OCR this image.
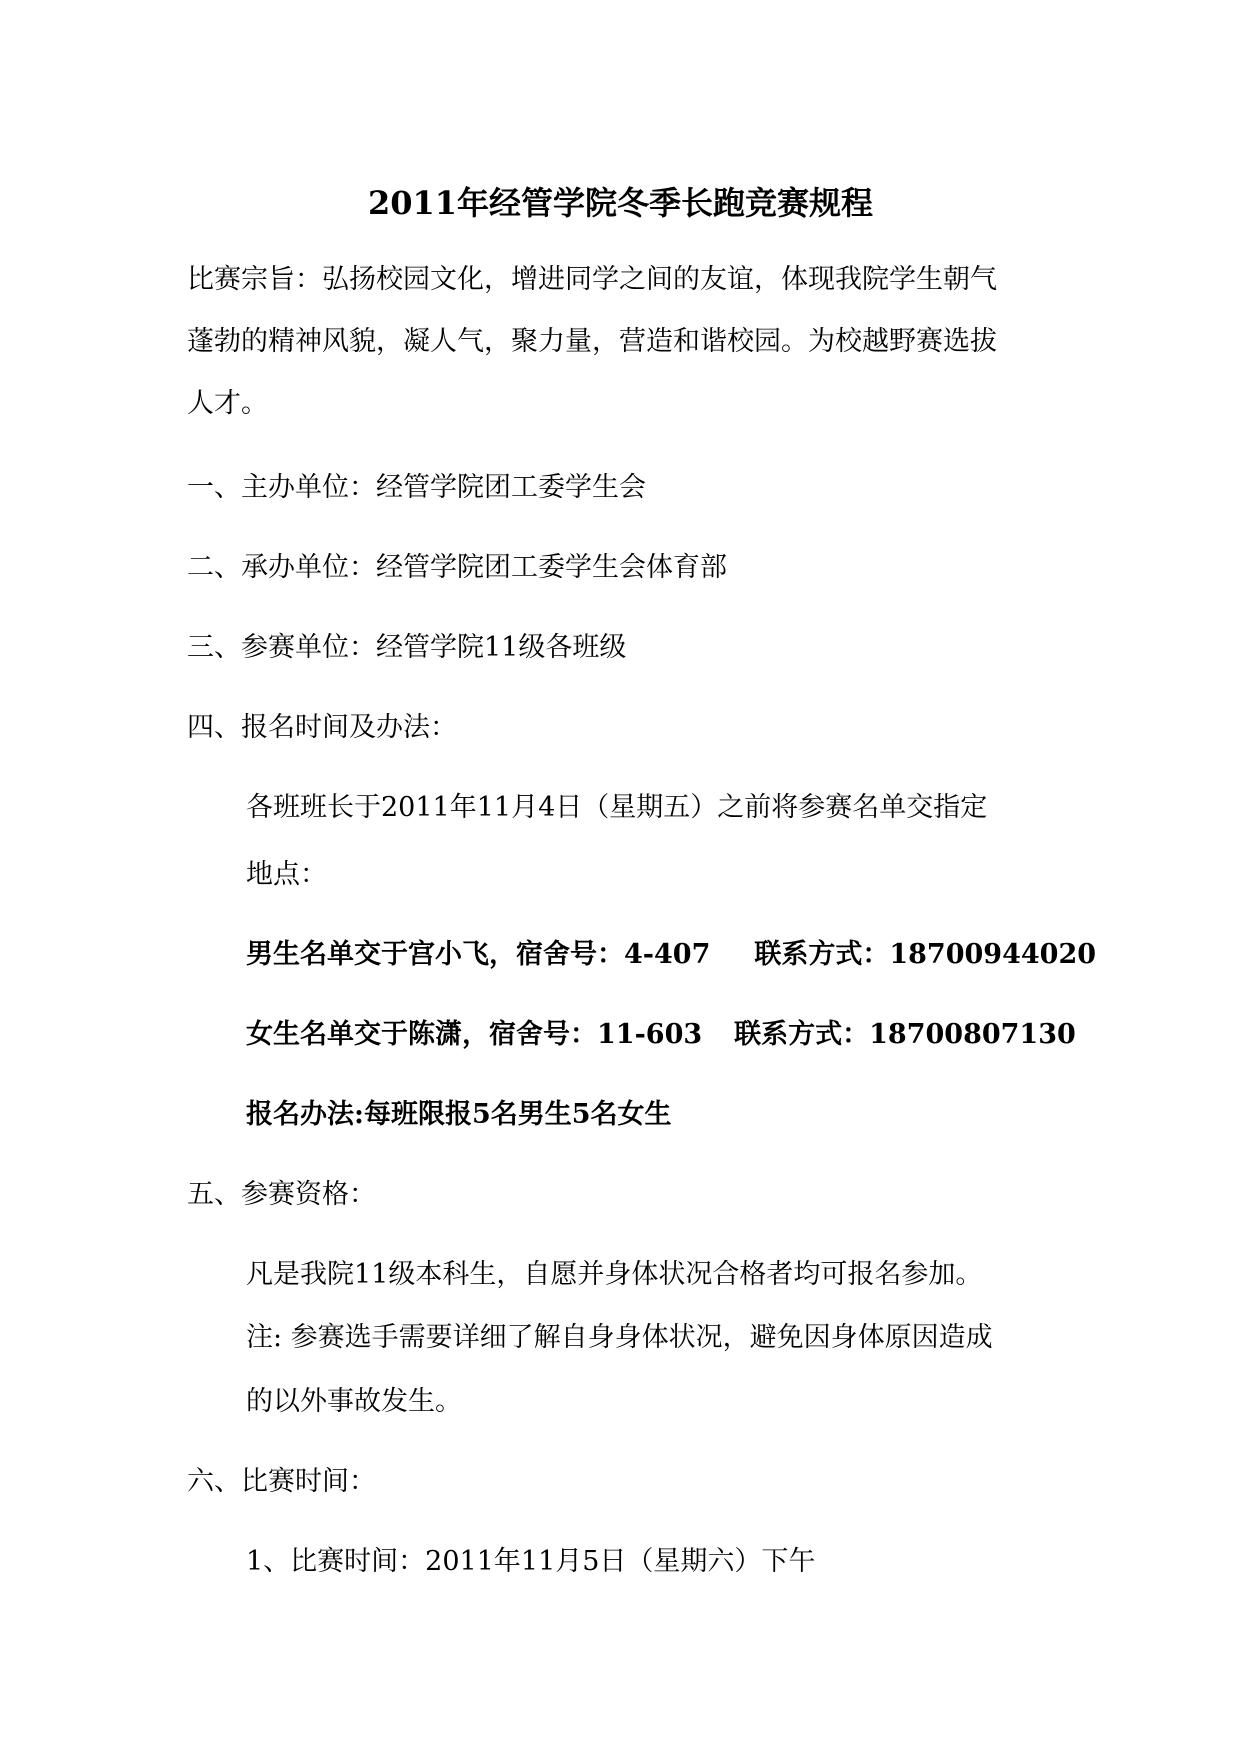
2011年经管学院冬季长跑竞赛规程

比赛宗旨：弘扬校园文化，增进同学之间的友谊，体现我院学生朝气

蓬勃的精神风貌，凝人气，聚力量，营造和谐校园。为校越野赛选拔

人才。

一、主办单位：经管学院团工委学生会

二、承办单位：经管学院团工委学生会体育部

三、参赛单位：经管学院11级各班级

四、报名时间及办法：

各班班长于2011年11月4日（星期五）之前将参赛名单交指定

地点：

男生名单交于宫小飞，宿舍号：4-407 联系方式：18700944020

女生名单交于陈潇，宿舍号：11-603 联系方式：18700807130

报名办法:每班限报5名男生5名女生

五、参赛资格：

凡是我院11级本科生，自愿并身体状况合格者均可报名参加。

注: 参赛选手需要详细了解自身身体状况，避免因身体原因造成

的以外事故发生。

六、比赛时间：

1、比赛时间：2011年11月5日（星期六）下午
